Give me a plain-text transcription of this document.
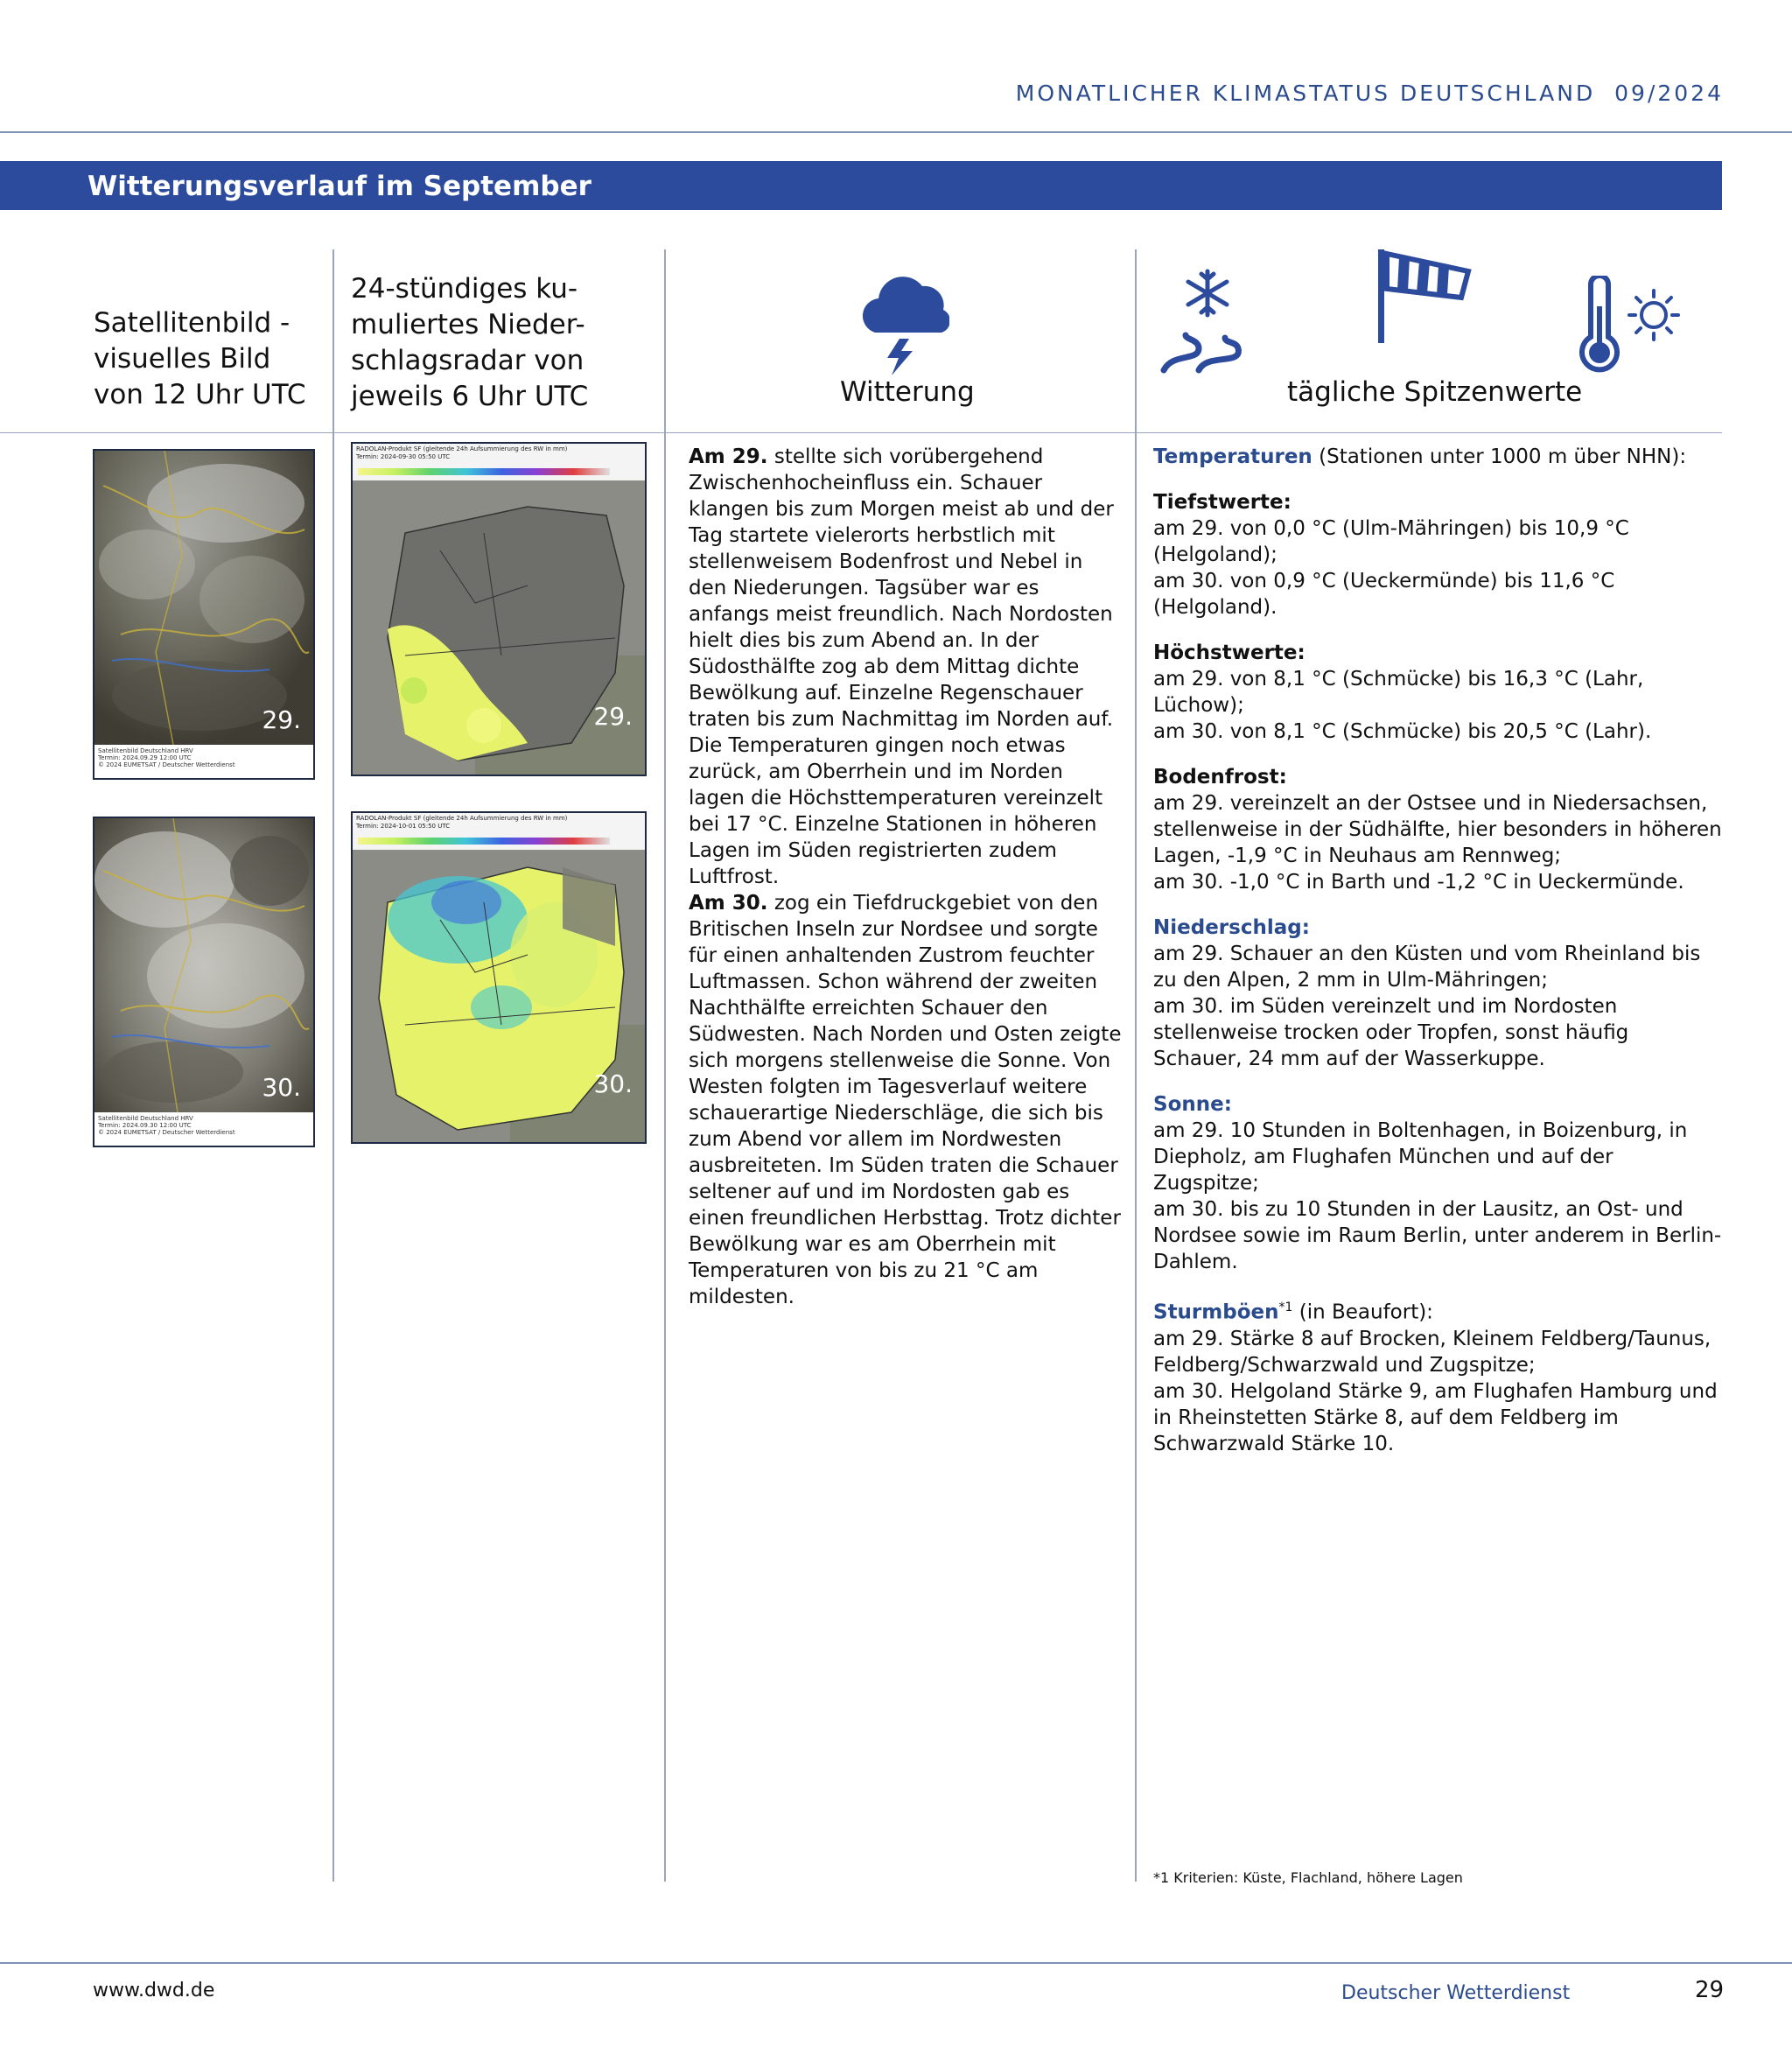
MONATLICHER KLIMASTATUS DEUTSCHLAND  09/2024
Witterungsverlauf im September
Satellitenbild -
visuelles Bild
von 12 Uhr UTC
24-stündiges ku-
muliertes Nieder-
schlagsradar von
jeweils 6 Uhr UTC	Witterung	tägliche Spitzenwerte
29.
Satellitenbild Deutschland HRV
Termin: 2024.09.29 12:00 UTC
© 2024 EUMETSAT / Deutscher Wetterdienst
30.
Satellitenbild Deutschland HRV
Termin: 2024.09.30 12:00 UTC
© 2024 EUMETSAT / Deutscher Wetterdienst
RADOLAN-Produkt SF (gleitende 24h Aufsummierung des RW in mm)
Termin: 2024-09-30 05:50 UTC
29.
RADOLAN-Produkt SF (gleitende 24h Aufsummierung des RW in mm)
Termin: 2024-10-01 05:50 UTC
30.

Am 29. stellte sich vorübergehend Zwischenhocheinfluss ein. Schauer klangen bis zum Morgen meist ab und der Tag startete vielerorts herbstlich mit stellenweisem Bodenfrost und Nebel in den Niederungen. Tagsüber war es anfangs meist freundlich. Nach Nordosten hielt dies bis zum Abend an. In der Südosthälfte zog ab dem Mittag dichte Bewölkung auf. Einzelne Regenschauer traten bis zum Nachmittag im Norden auf. Die Temperaturen gingen noch etwas zurück, am Oberrhein und im Norden lagen die Höchsttemperaturen vereinzelt bei 17 °C. Einzelne Stationen in höheren Lagen im Süden registrierten zudem Luftfrost.

Am 30. zog ein Tiefdruckgebiet von den Britischen Inseln zur Nordsee und sorgte für einen anhaltenden Zustrom feuchter Luftmassen. Schon während der zweiten Nachthälfte erreichten Schauer den Südwesten. Nach Norden und Osten zeigte sich morgens stellenweise die Sonne. Von Westen folgten im Tagesverlauf weitere schauerartige Niederschläge, die sich bis zum Abend vor allem im Nordwesten ausbreiteten. Im Süden traten die Schauer seltener auf und im Nordosten gab es einen freundlichen Herbsttag. Trotz dichter Bewölkung war es am Oberrhein mit Temperaturen von bis zu 21 °C am mildesten.

Temperaturen (Stationen unter 1000 m über NHN):

Tiefstwerte:

am 29. von 0,0 °C (Ulm-Mähringen) bis 10,9 °C (Helgoland);

am 30. von 0,9 °C (Ueckermünde) bis 11,6 °C (Helgoland).

Höchstwerte:

am 29. von 8,1 °C (Schmücke) bis 16,3 °C (Lahr, Lüchow);

am 30. von 8,1 °C (Schmücke) bis 20,5 °C (Lahr).

Bodenfrost:

am 29. vereinzelt an der Ostsee und in Niedersachsen, stellenweise in der Südhälfte, hier besonders in höheren Lagen, -1,9 °C in Neuhaus am Rennweg;

am 30. -1,0 °C in Barth und -1,2 °C in Ueckermünde.

Niederschlag:

am 29. Schauer an den Küsten und vom Rheinland bis zu den Alpen, 2 mm in Ulm-Mähringen;

am 30. im Süden vereinzelt und im Nordosten stellenweise trocken oder Tropfen, sonst häufig Schauer, 24 mm auf der Wasserkuppe.

Sonne:

am 29. 10 Stunden in Boltenhagen, in Boizenburg, in Diepholz, am Flughafen München und auf der Zugspitze;

am 30. bis zu 10 Stunden in der Lausitz, an Ost- und Nordsee sowie im Raum Berlin, unter anderem in Berlin-Dahlem.

Sturmböen$^{*1}$ (in Beaufort):

am 29. Stärke 8 auf Brocken, Kleinem Feldberg/Taunus, Feldberg/Schwarzwald und Zugspitze;

am 30. Helgoland Stärke 9, am Flughafen Hamburg und in Rheinstetten Stärke 8, auf dem Feldberg im Schwarzwald Stärke 10.

*1 Kriterien: Küste, Flachland, höhere Lagen
www.dwd.de	Deutscher Wetterdienst	29
